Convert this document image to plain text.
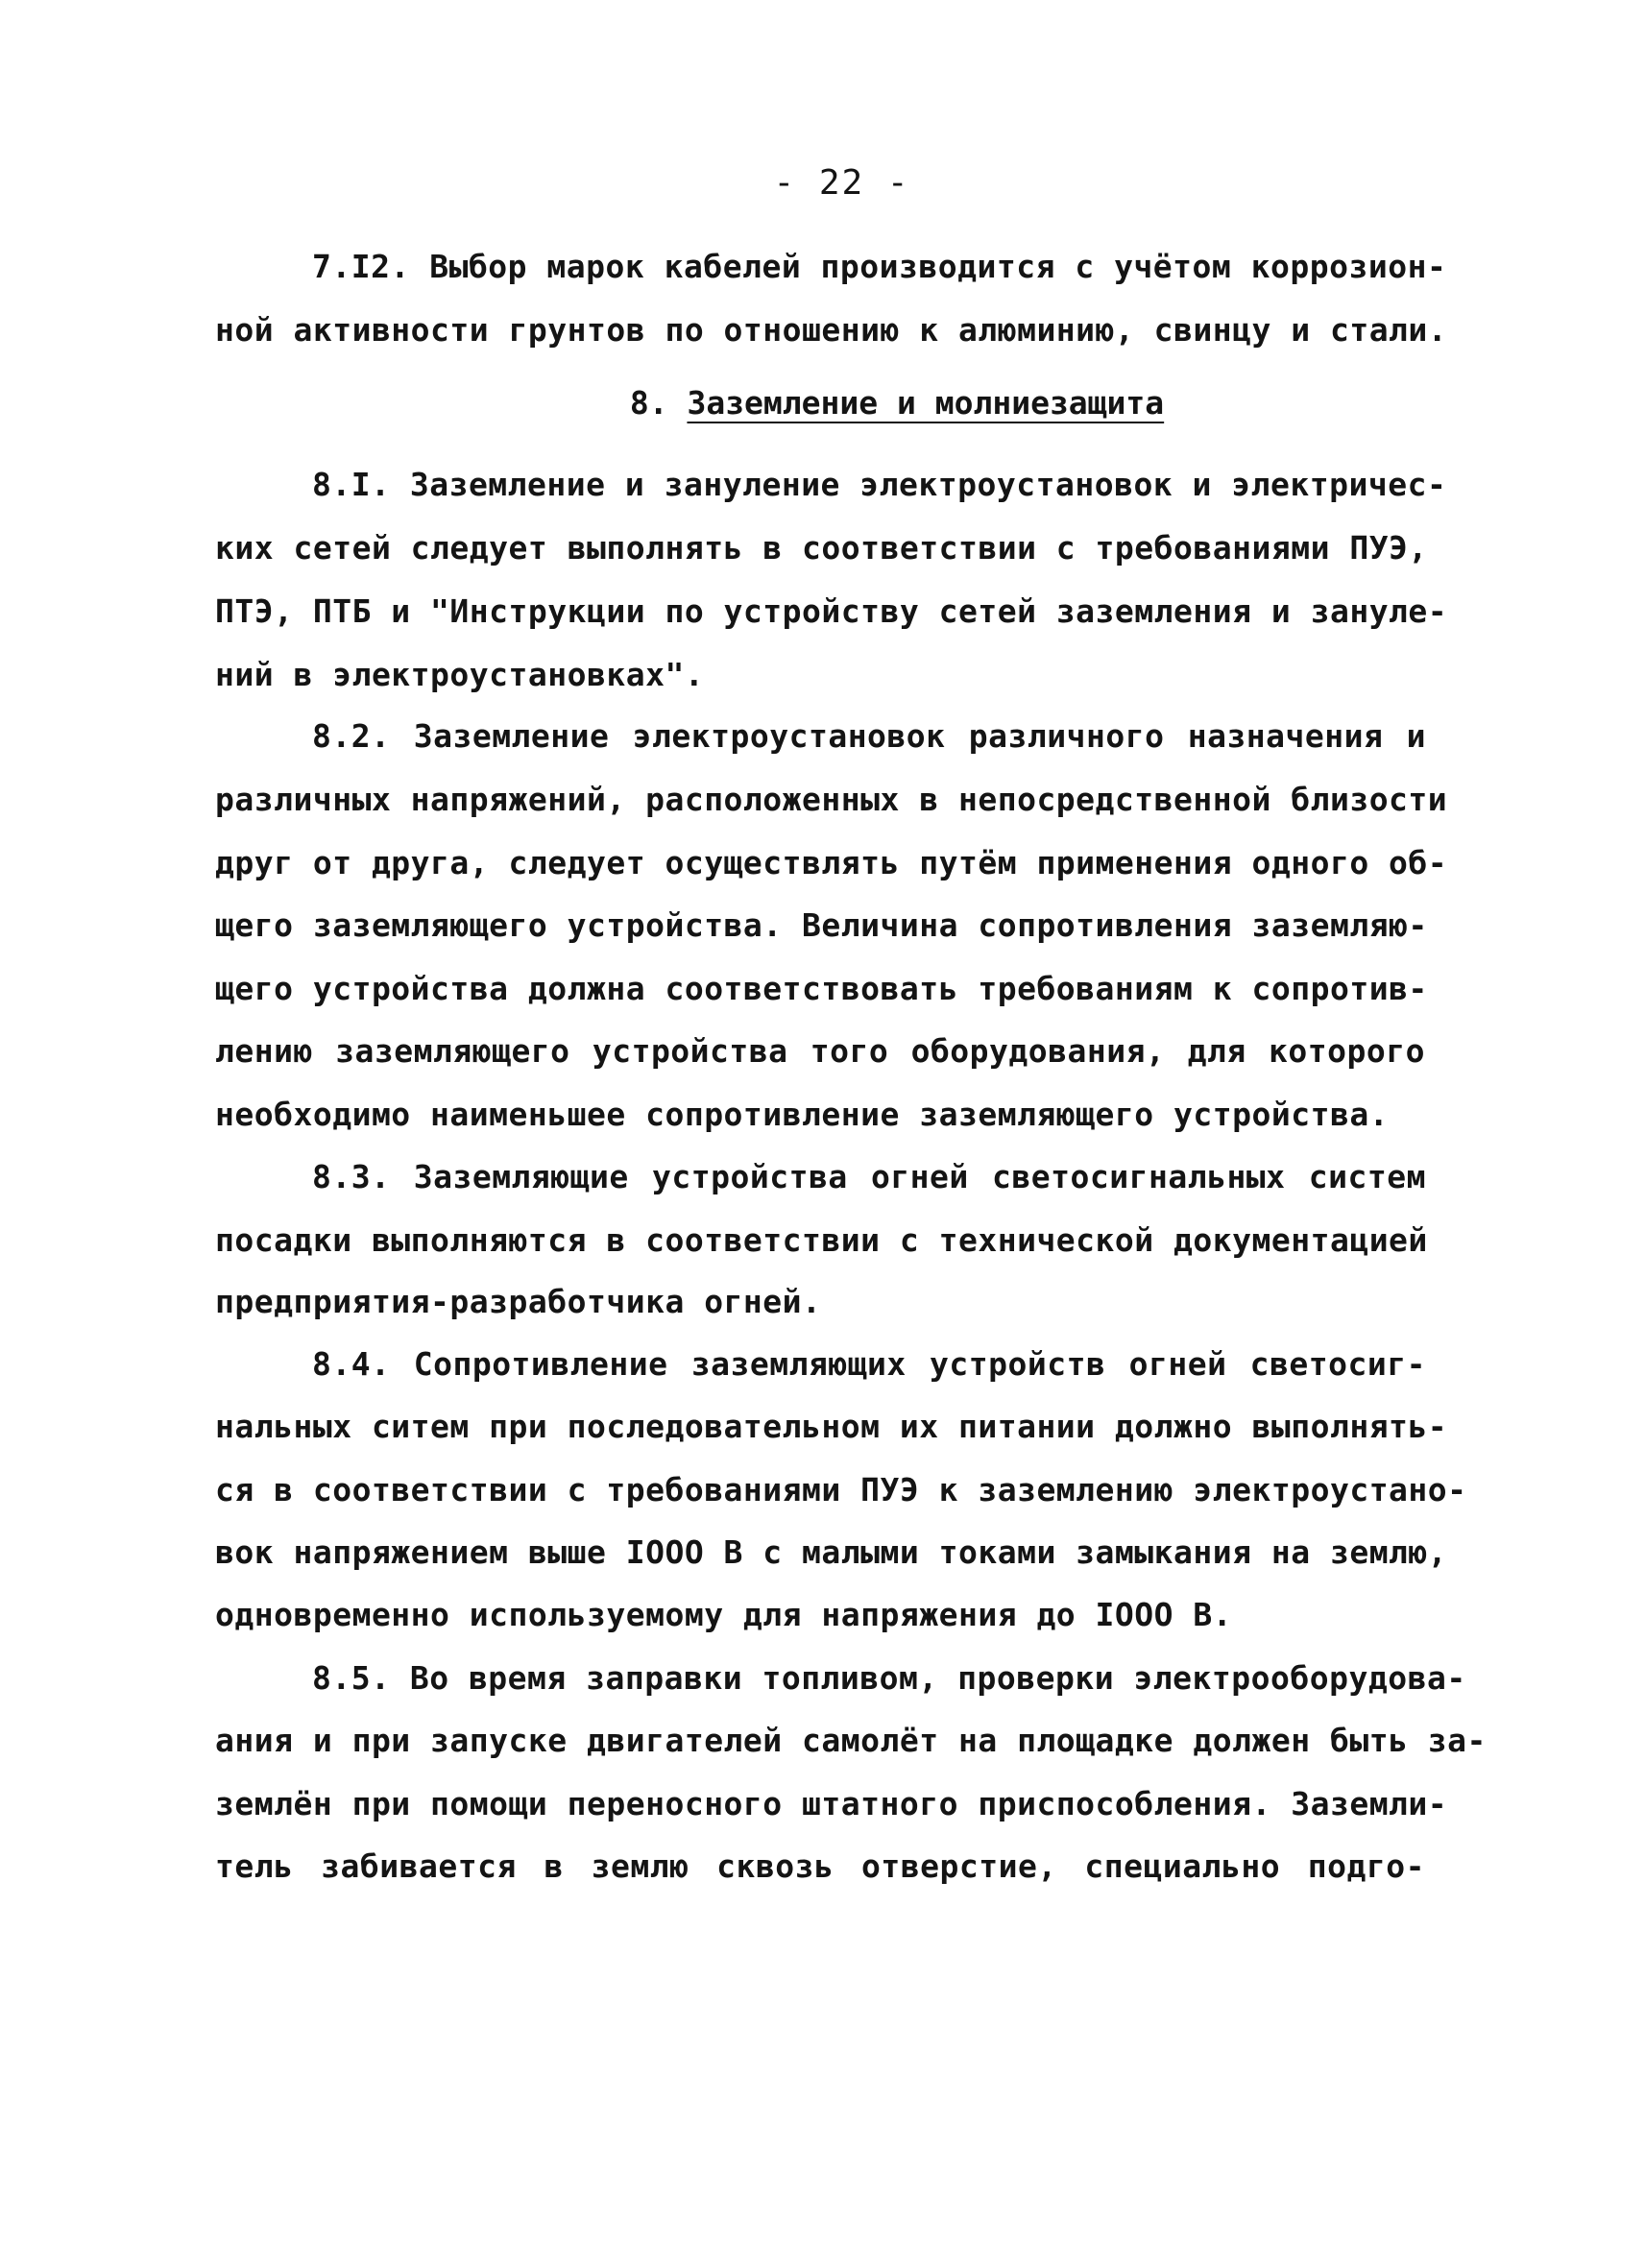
- 22 -
7.I2. Выбор марок кабелей производится с учётом коррозион-
ной активности грунтов по отношению к алюминию, свинцу и стали.
8. Заземление и молниезащита
8.I. Заземление и зануление электроустановок и электричес-
ких сетей следует выполнять в соответствии с требованиями ПУЭ,
ПТЭ, ПТБ и "Инструкции по устройству сетей заземления и зануле-
ний в электроустановках".
8.2. Заземление электроустановок различного назначения и
различных напряжений, расположенных в непосредственной близости
друг от друга, следует осуществлять путём применения одного об-
щего заземляющего устройства. Величина сопротивления заземляю-
щего устройства должна соответствовать требованиям к сопротив-
лению заземляющего устройства того оборудования, для которого
необходимо наименьшее сопротивление заземляющего устройства.
8.3. Заземляющие устройства огней светосигнальных систем
посадки выполняются в соответствии с технической документацией
предприятия-разработчика огней.
8.4. Сопротивление заземляющих устройств огней светосиг-
нальных ситем при последовательном их питании должно выполнять-
ся в соответствии с требованиями ПУЭ к заземлению электроустано-
вок напряжением выше IOOO В с малыми токами замыкания на землю,
одновременно используемому для напряжения до IOOO В.
8.5. Во время заправки топливом, проверки электрооборудова-
ания и при запуске двигателей самолёт на площадке должен быть за-
землён при помощи переносного штатного приспособления. Заземли-
тель забивается в землю сквозь отверстие, специально подго-
